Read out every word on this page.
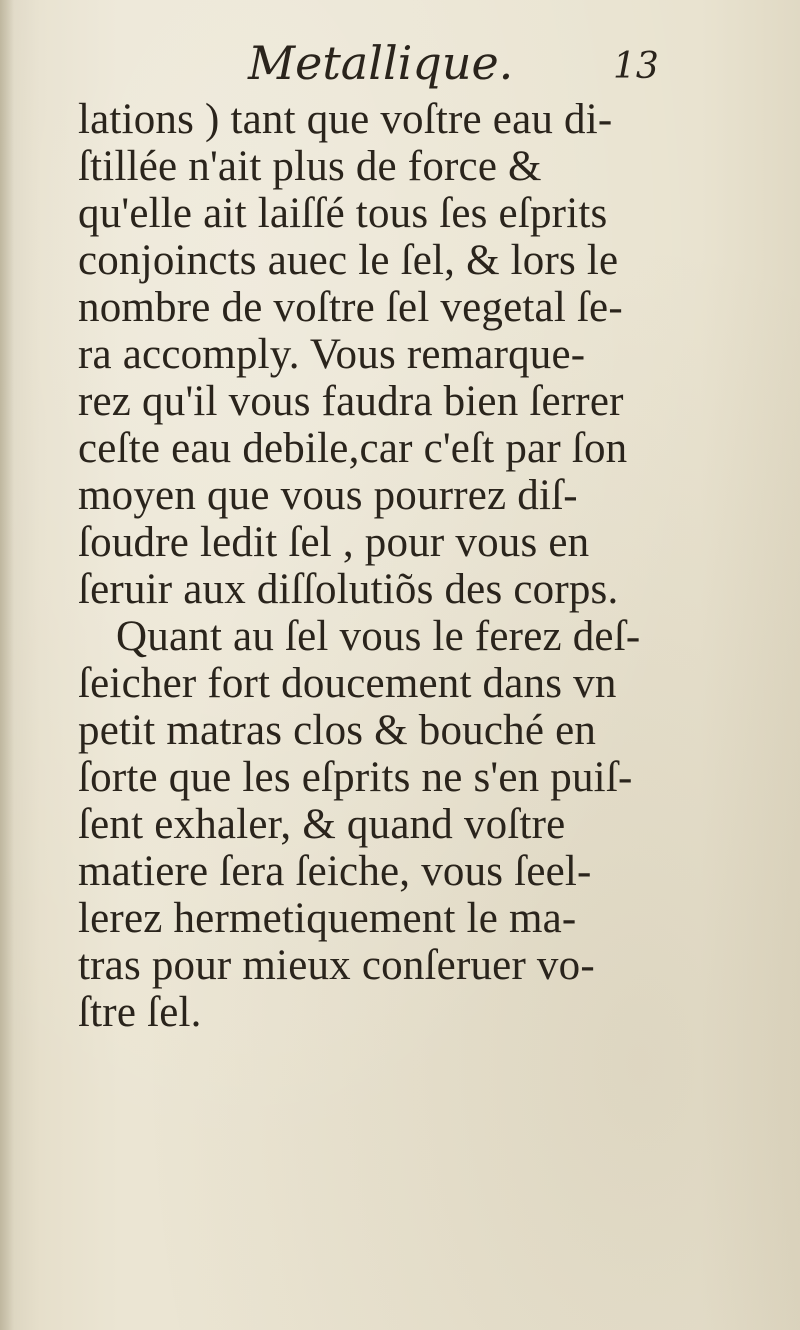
Metallique.	13
lations ) tant que voſtre eau di-
ſtillée n'ait plus de force &
qu'elle ait laiſſé tous ſes eſprits
conjoincts auec le ſel, & lors le
nombre de voſtre ſel vegetal ſe-
ra accomply. Vous remarque-
rez qu'il vous faudra bien ſerrer
ceſte eau debile,car c'eſt par ſon
moyen que vous pourrez diſ-
ſoudre ledit ſel , pour vous en
ſeruir aux diſſolutiõs des corps.
Quant au ſel vous le ferez deſ-
ſeicher fort doucement dans vn
petit matras clos & bouché en
ſorte que les eſprits ne s'en puiſ-
ſent exhaler, & quand voſtre
matiere ſera ſeiche, vous ſeel-
lerez hermetiquement le ma-
tras pour mieux conſeruer vo-
ſtre ſel.
